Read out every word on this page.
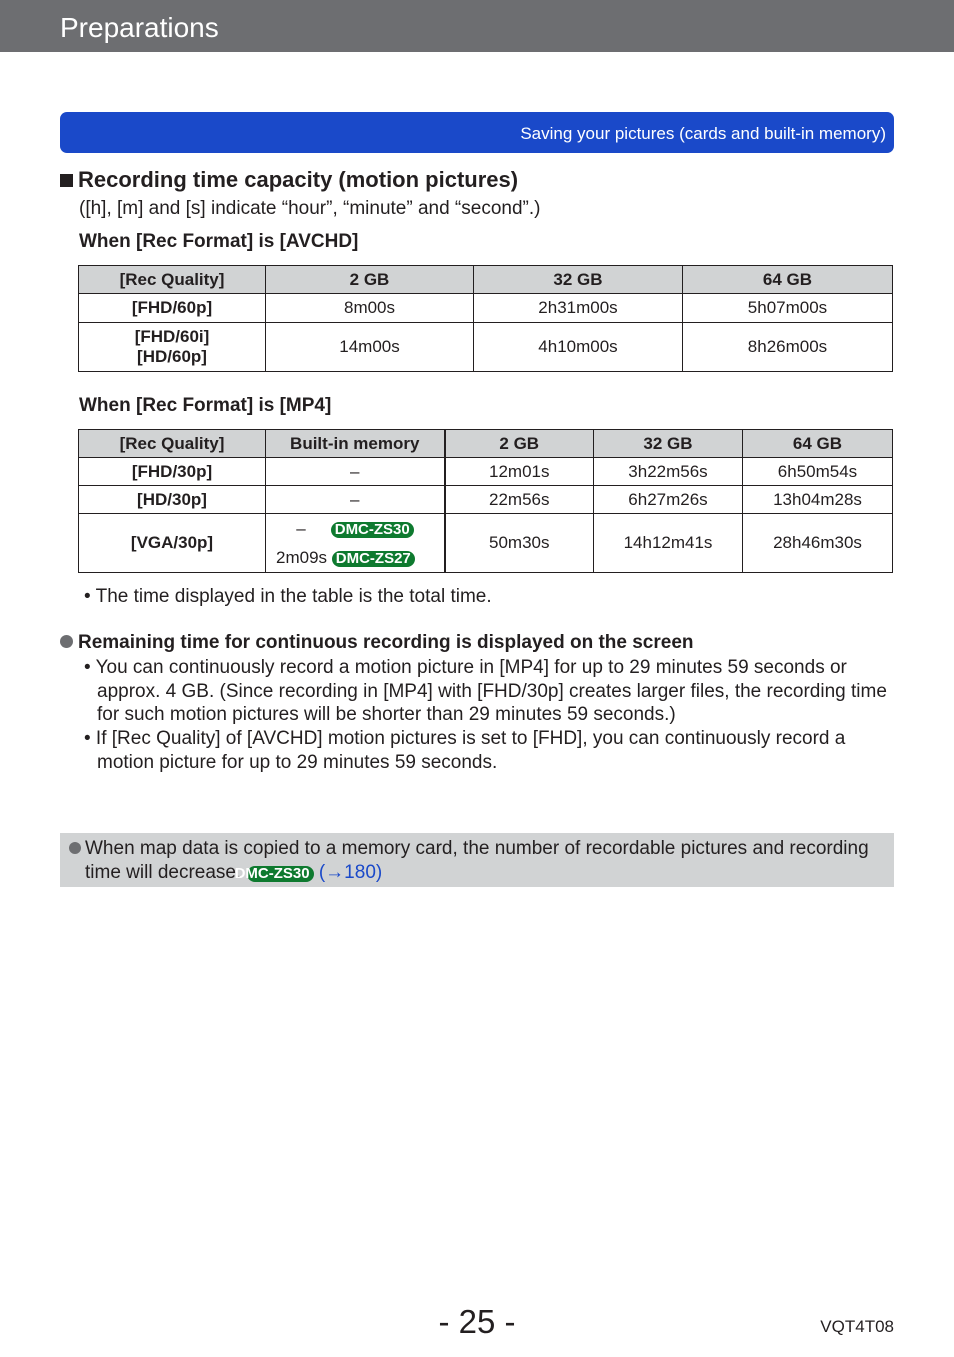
Preparations
Saving your pictures (cards and built-in memory)
Recording time capacity (motion pictures)
([h], [m] and [s] indicate “hour”, “minute” and “second”.)
When [Rec Format] is [AVCHD]
[Rec Quality]	2 GB	32 GB	64 GB
[FHD/60p]	8m00s	2h31m00s	5h07m00s

[FHD/60i]
[HD/60p]	14m00s	4h10m00s	8h26m00s
When [Rec Format] is [MP4]
[Rec Quality]	Built-in memory	2 GB	32 GB	64 GB
[FHD/30p]	–	12m01s	3h22m56s	6h50m54s
[HD/30p]	–	22m56s	6h27m26s	13h04m28s
[VGA/30p]	– DMC-ZS30
2m09s DMC-ZS27	50m30s	14h12m41s	28h46m30s
• The time displayed in the table is the total time.
Remaining time for continuous recording is displayed on the screen
• You can continuously record a motion picture in [MP4] for up to 29 minutes 59 seconds or approx. 4 GB. (Since recording in [MP4] with [FHD/30p] creates larger files, the recording time for such motion pictures will be shorter than 29 minutes 59 seconds.)
• If [Rec Quality] of [AVCHD] motion pictures is set to [FHD], you can continuously record a motion picture for up to 29 minutes 59 seconds.
When map data is copied to a memory card, the number of recordable pictures and recording time will decrease. DMC-ZS30 (→180)
- 25 -	VQT4T08
